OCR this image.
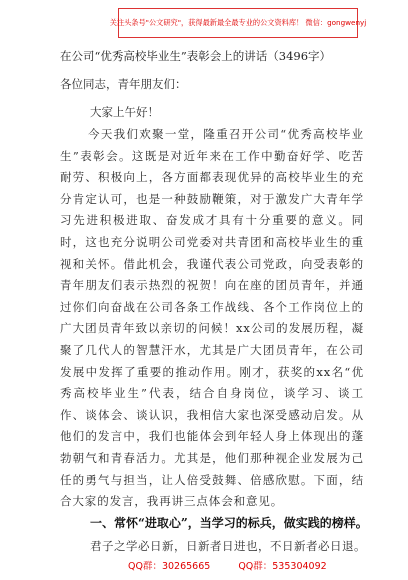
关注头条号"公文研究"，获得最新最全最专业的公文资料库！ 微信：gongwenyj
在公司“优秀高校毕业生”表彰会上的讲话（3496字）
各位同志，青年朋友们：
大家上午好！
今天我们欢聚一堂，隆重召开公司“优秀高校毕业生”表彰会。这既是对近年来在工作中勤奋好学、吃苦耐劳、积极向上，各方面都表现优异的高校毕业生的充分肯定认可，也是一种鼓励鞭策，对于激发广大青年学习先进积极进取、奋发成才具有十分重要的意义。同时，这也充分说明公司党委对共青团和高校毕业生的重视和关怀。借此机会，我谨代表公司党政，向受表彰的青年朋友们表示热烈的祝贺！向在座的团员青年，并通过你们向奋战在公司各条工作战线、各个工作岗位上的广大团员青年致以亲切的问候！xx公司的发展历程，凝聚了几代人的智慧汗水，尤其是广大团员青年，在公司发展中发挥了重要的推动作用。刚才，获奖的xx名“优秀高校毕业生”代表，结合自身岗位，谈学习、谈工作、谈体会、谈认识，我相信大家也深受感动启发。从他们的发言中，我们也能体会到年轻人身上体现出的蓬勃朝气和青春活力。尤其是，他们那种视企业发展为己任的勇气与担当，让人倍受鼓舞、倍感欣慰。下面，结合大家的发言，我再讲三点体会和意见。
一、常怀“进取心”，当学习的标兵，做实践的榜样。
君子之学必日新，日新者日进也，不日新者必日退。
QQ群：30265665	QQ群：535304092
